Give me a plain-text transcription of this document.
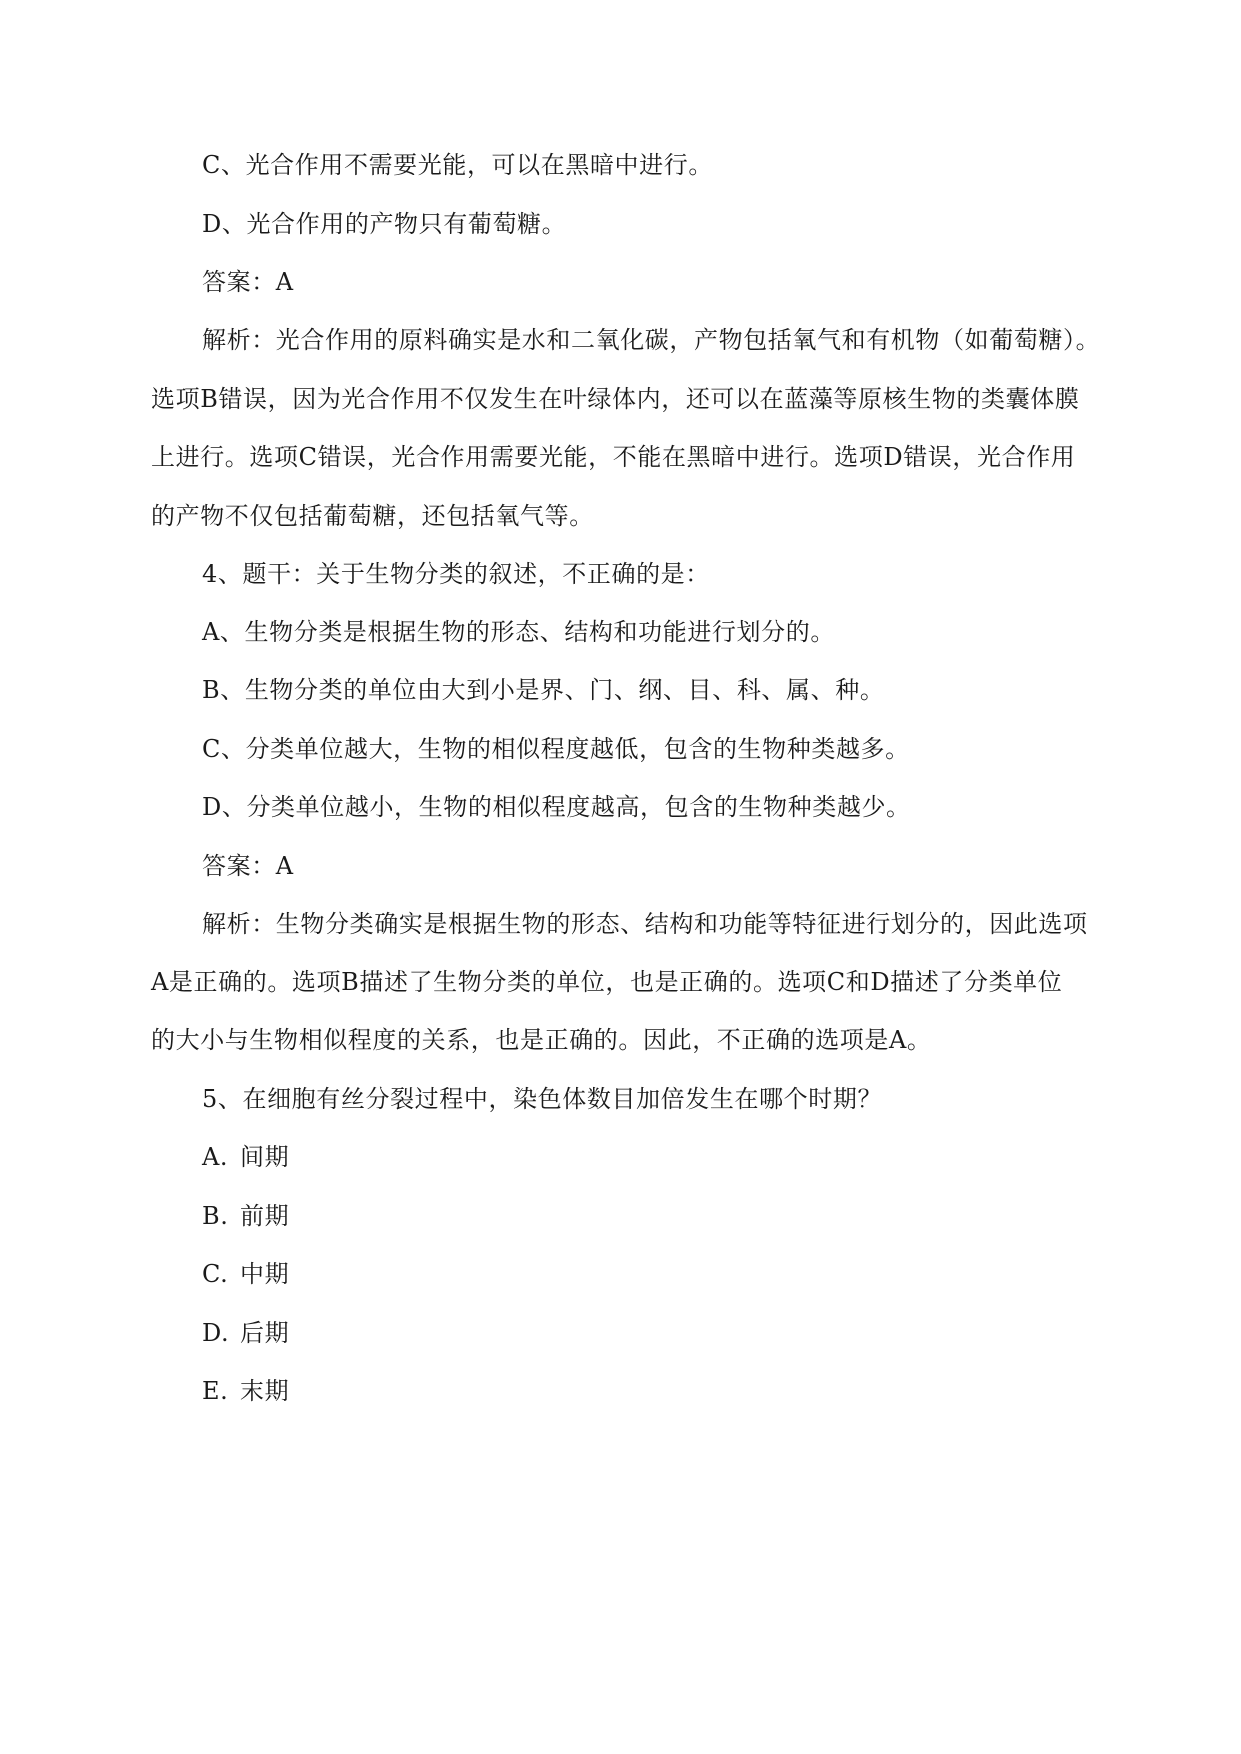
C、光合作用不需要光能，可以在黑暗中进行。
D、光合作用的产物只有葡萄糖。
答案：A
解析：光合作用的原料确实是水和二氧化碳，产物包括氧气和有机物（如葡萄糖）。
选项B错误，因为光合作用不仅发生在叶绿体内，还可以在蓝藻等原核生物的类囊体膜
上进行。选项C错误，光合作用需要光能，不能在黑暗中进行。选项D错误，光合作用
的产物不仅包括葡萄糖，还包括氧气等。
4、题干：关于生物分类的叙述，不正确的是：
A、生物分类是根据生物的形态、结构和功能进行划分的。
B、生物分类的单位由大到小是界、门、纲、目、科、属、种。
C、分类单位越大，生物的相似程度越低，包含的生物种类越多。
D、分类单位越小，生物的相似程度越高，包含的生物种类越少。
答案：A
解析：生物分类确实是根据生物的形态、结构和功能等特征进行划分的，因此选项
A是正确的。选项B描述了生物分类的单位，也是正确的。选项C和D描述了分类单位
的大小与生物相似程度的关系，也是正确的。因此，不正确的选项是A。
5、在细胞有丝分裂过程中，染色体数目加倍发生在哪个时期？
A. 间期
B. 前期
C. 中期
D. 后期
E. 末期
